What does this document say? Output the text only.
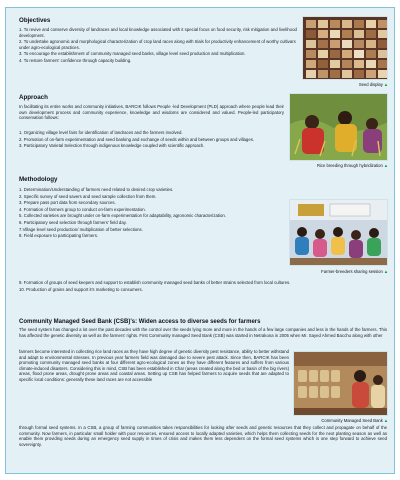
Objectives
1. To revive and conserve diversity of landraces and local knowledge associated with it special focus on food security, risk mitigation and livelihood development.
2. To undertake agronomic and morphological characterization of crop land races along with trials for productivity enhancement of worthy cultivars under agro-ecological practices.
3. To encourage the establishment of community managed seed banks, village level seed production and multiplication.
4. To restore farmers' confidence through capacity building.
Seed display▲
Approach
In facilitating its entire works and community initiatives, BARCIK follows People -led Development (PLD) approach where people lead their own development process and community experience, knowledge and wisdoms are considered and valued. People-led participatory conservation follows:
1. Organizing village level fairs for identification of landraces and the farmers involved.
2. Promotion of on-farm experimentation and seed banking and exchange of seeds within and between groups and villages.
3. Participatory Varietal Selection through indigenous knowledge coupled with scientific approach.
Rice breeding through hybridization▲
Methodology
1. Determination/Understanding of farmers need related to desired crop varieties.
2. Specific survey of seed savers and seed sample collection from them.
3. Prepare pass port data from secondary sources.
4. Formation of farmers group to conduct on-farm experimentation.
5. Collected varieties are brought under on-farm experimentation for adaptability, agronomic characterization.
6. Participatory seed selection through farmers' field day.
7.Village level seed production/ multiplication of better selections.
8. Field exposure to participating farmers.
Farmer-breeders sharing session▲
9. Formation of groups of seed keepers and support to establish community managed seed banks of better strains selected from local cultures.
10. Production of grains and support it's marketing to consumers.
Community Managed Seed Bank (CSB)'s: Widen access to diverse seeds for farmers
The seed system has changed a lot over the past decades with the control over the seeds lying more and more in the hands of a few large companies and less in the hands of the farmers. This has affected the genetic diversity as well as the farmers' rights. First Community managed Seed Bank (CSB) was started in Netrakona in 2005 when Mr. Sayed Ahmed Bacchu along with other
farmers become interested in collecting rice land races as they have high degree of genetic diversity pest resistance, ability to better withstand and adapt to environmental stresses. In previous year farmers field was damaged due to severe pest attack. Since then, BARCIK has been promoting community managed seed banks at four different agro-ecological zones as they have different features and suffers from various climate-induced disasters. Considering this in mind, CSB has been established in Char (areas created along the bed or basin of the big rivers) areas, flood prone areas, drought prone areas and coastal areas. Setting up CSB has helped farmers to acquire seeds that are adapted to specific local conditions: generally these land races are not accessible
Community Managed Seed Bank▲
through formal seed systems. In a CSB, a group of farming communities takes responsibilities for looking after seeds and genetic resources that they collect and propagate on behalf of the community. Now farmers, in particular small holder with poor resources, ensured access to locally adapted varieties, which helps them collecting seeds for the next planting season as well as enable them providing seeds during an emergency seed supply in times of crisis and makes them less dependent on the formal seed systems which is one step forward to achieve seed sovereignty.
